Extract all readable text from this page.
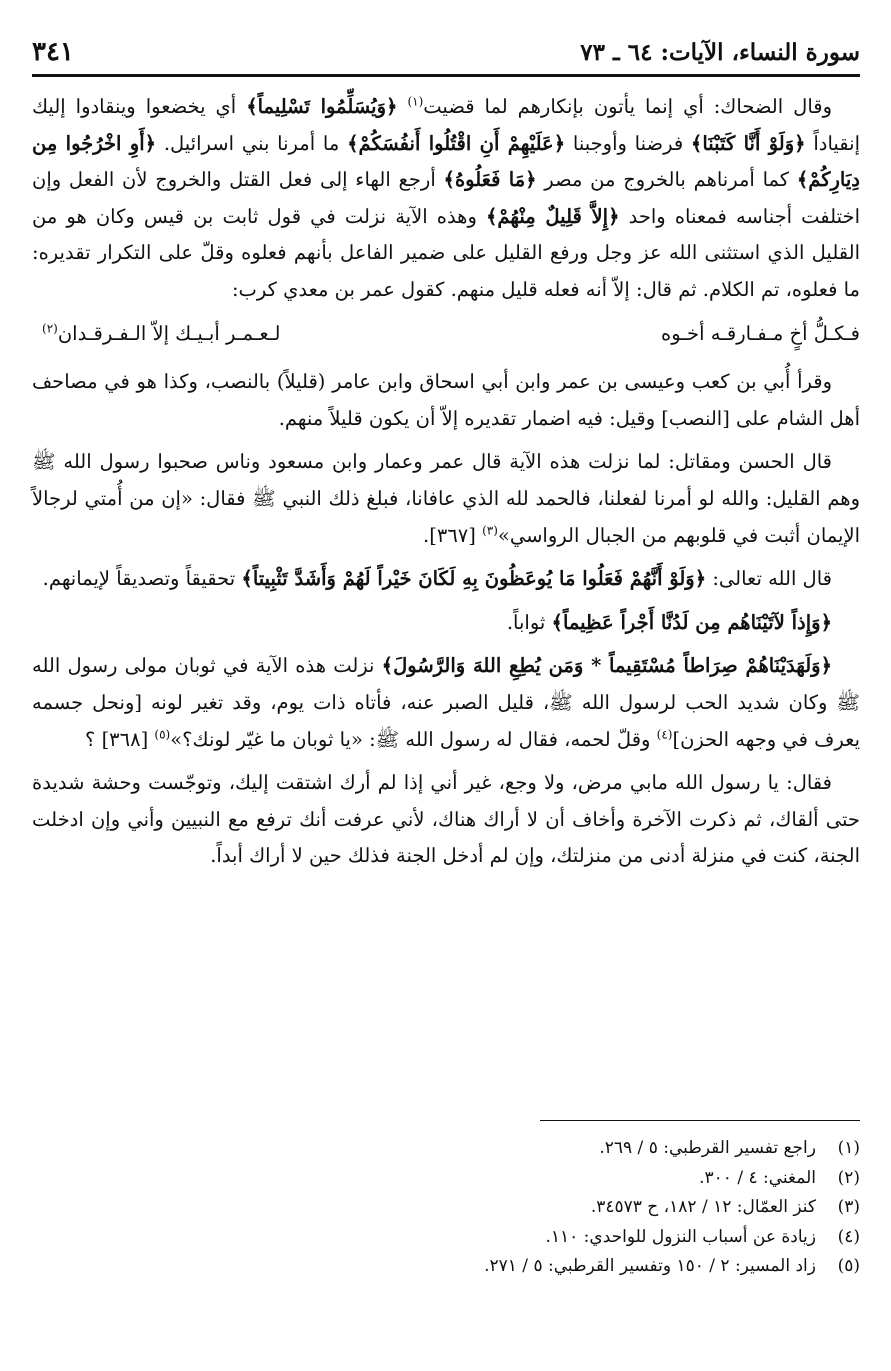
سورة النساء، الآيات: ٦٤ ـ ٧٣
٣٤١

وقال الضحاك: أي إنما يأتون بإنكارهم لما قضيت$^{(١)}$ ﴿وَيُسَلِّمُوا تَسْلِيماً﴾ أي يخضعوا وينقادوا إليك إنقياداً ﴿وَلَوْ أَنَّا كَتَبْنَا﴾ فرضنا وأوجبنا ﴿عَلَيْهِمْ أَنِ اقْتُلُوا أَنفُسَكُمْ﴾ ما أمرنا بني اسرائيل. ﴿أَوِ اخْرُجُوا مِن دِيَارِكُمْ﴾ كما أمرناهم بالخروج من مصر ﴿مَا فَعَلُوهُ﴾ أرجع الهاء إلى فعل القتل والخروج لأن الفعل وإن اختلفت أجناسه فمعناه واحد ﴿إِلاَّ قَلِيلٌ مِنْهُمْ﴾ وهذه الآية نزلت في قول ثابت بن قيس وكان هو من القليل الذي استثنى الله عز وجل ورفع القليل على ضمير الفاعل بأنهم فعلوه وقلّ على التكرار تقديره: ما فعلوه، تم الكلام. ثم قال: إلاّ أنه فعله قليل منهم. كقول عمر بن معدي كرب:

فـكـلُّ أخٍ مـفـارقـه أخـوه
لـعـمـر أبـيـك إلاّ الـفـرقـدان$^{(٢)}$

وقرأ أُبي بن كعب وعيسى بن عمر وابن أبي اسحاق وابن عامر (قليلاً) بالنصب، وكذا هو في مصاحف أهل الشام على [النصب] وقيل: فيه اضمار تقديره إلاّ أن يكون قليلاً منهم.

قال الحسن ومقاتل: لما نزلت هذه الآية قال عمر وعمار وابن مسعود وناس صحبوا رسول الله ﷺ وهم القليل: والله لو أمرنا لفعلنا، فالحمد لله الذي عافانا، فبلغ ذلك النبي ﷺ فقال: «إن من أُمتي لرجالاً الإيمان أثبت في قلوبهم من الجبال الرواسي»$^{(٣)}$ [٣٦٧].

قال الله تعالى: ﴿وَلَوْ أَنَّهُمْ فَعَلُوا مَا يُوعَظُونَ بِهِ لَكَانَ خَيْراً لَهُمْ وَأَشَدَّ تَثْبِيتاً﴾ تحقيقاً وتصديقاً لإيمانهم.

﴿وَإِذاً لآتَيْنَاهُم مِن لَدُنَّا أَجْراً عَظِيماً﴾ ثواباً.

﴿وَلَهَدَيْنَاهُمْ صِرَاطاً مُسْتَقِيماً * وَمَن يُطِعِ اللهَ وَالرَّسُولَ﴾ نزلت هذه الآية في ثوبان مولى رسول الله ﷺ وكان شديد الحب لرسول الله ﷺ، قليل الصبر عنه، فأتاه ذات يوم، وقد تغير لونه [ونحل جسمه يعرف في وجهه الحزن]$^{(٤)}$ وقلّ لحمه، فقال له رسول الله ﷺ: «يا ثوبان ما غيّر لونك؟»$^{(٥)}$ [٣٦٨] ؟

فقال: يا رسول الله مابي مرض، ولا وجع، غير أني إذا لم أرك اشتقت إليك، وتوجّست وحشة شديدة حتى ألقاك، ثم ذكرت الآخرة وأخاف أن لا أراك هناك، لأني عرفت أنك ترفع مع النبيين وأني وإن ادخلت الجنة، كنت في منزلة أدنى من منزلتك، وإن لم أدخل الجنة فذلك حين لا أراك أبداً.

(١)
راجع تفسير القرطبي: ٥ / ٢٦٩.
(٢)
المغني: ٤ / ٣٠٠.
(٣)
كنز العمّال: ١٢ / ١٨٢، ح ٣٤٥٧٣.
(٤)
زيادة عن أسباب النزول للواحدي: ١١٠.
(٥)
زاد المسير: ٢ / ١٥٠ وتفسير القرطبي: ٥ / ٢٧١.
